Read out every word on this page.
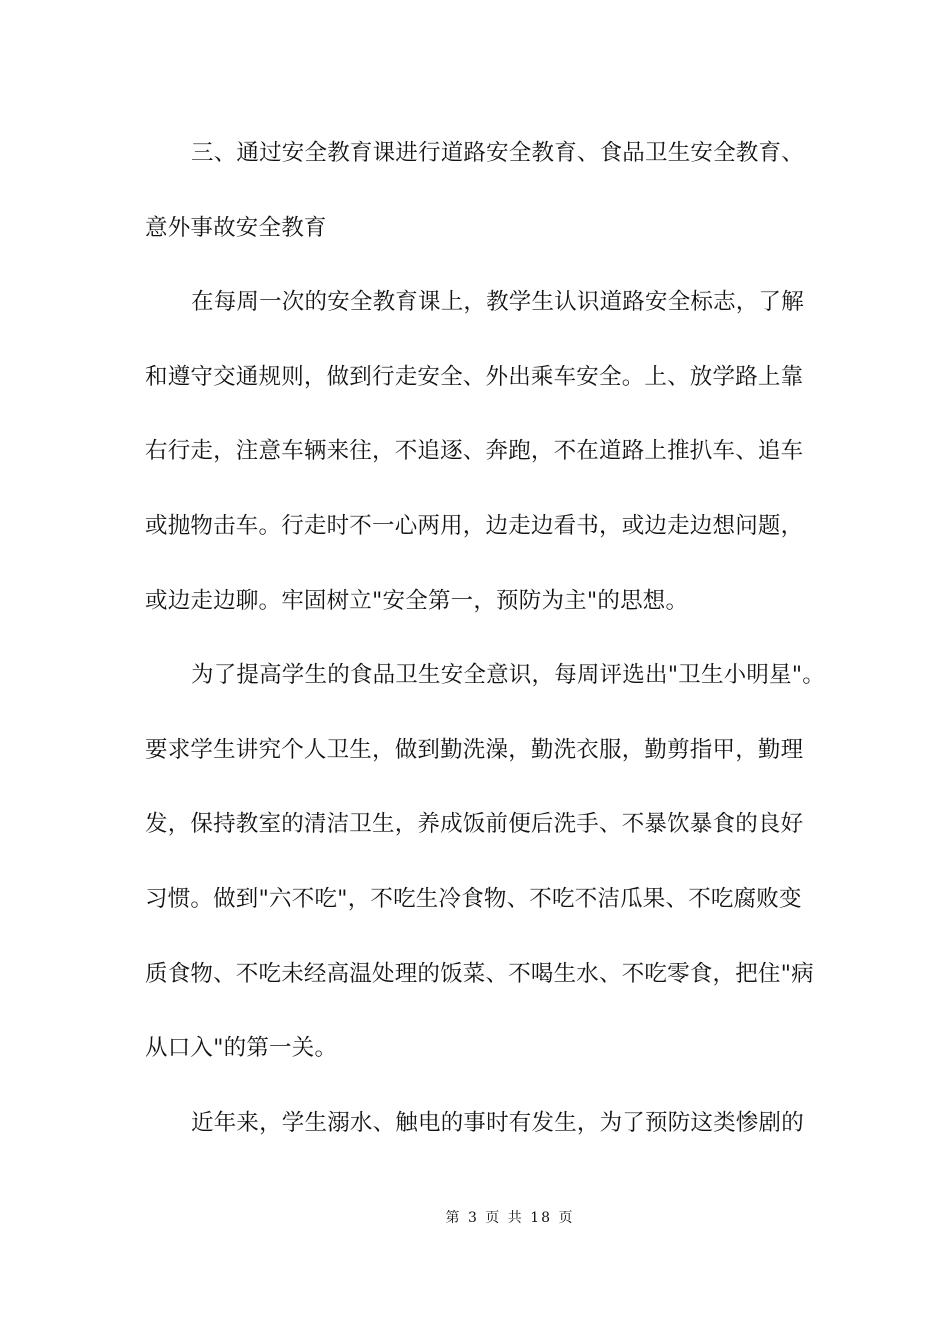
三、通过安全教育课进行道路安全教育、食品卫生安全教育、
意外事故安全教育
在每周一次的安全教育课上，教学生认识道路安全标志，了解
和遵守交通规则，做到行走安全、外出乘车安全。上、放学路上靠
右行走，注意车辆来往，不追逐、奔跑，不在道路上推扒车、追车
或抛物击车。行走时不一心两用，边走边看书，或边走边想问题，
或边走边聊。牢固树立"安全第一，预防为主"的思想。
为了提高学生的食品卫生安全意识，每周评选出"卫生小明星"。
要求学生讲究个人卫生，做到勤洗澡，勤洗衣服，勤剪指甲，勤理
发，保持教室的清洁卫生，养成饭前便后洗手、不暴饮暴食的良好
习惯。做到"六不吃"，不吃生冷食物、不吃不洁瓜果、不吃腐败变
质食物、不吃未经高温处理的饭菜、不喝生水、不吃零食，把住"病
从口入"的第一关。
近年来，学生溺水、触电的事时有发生，为了预防这类惨剧的
第 3 页 共 18 页
